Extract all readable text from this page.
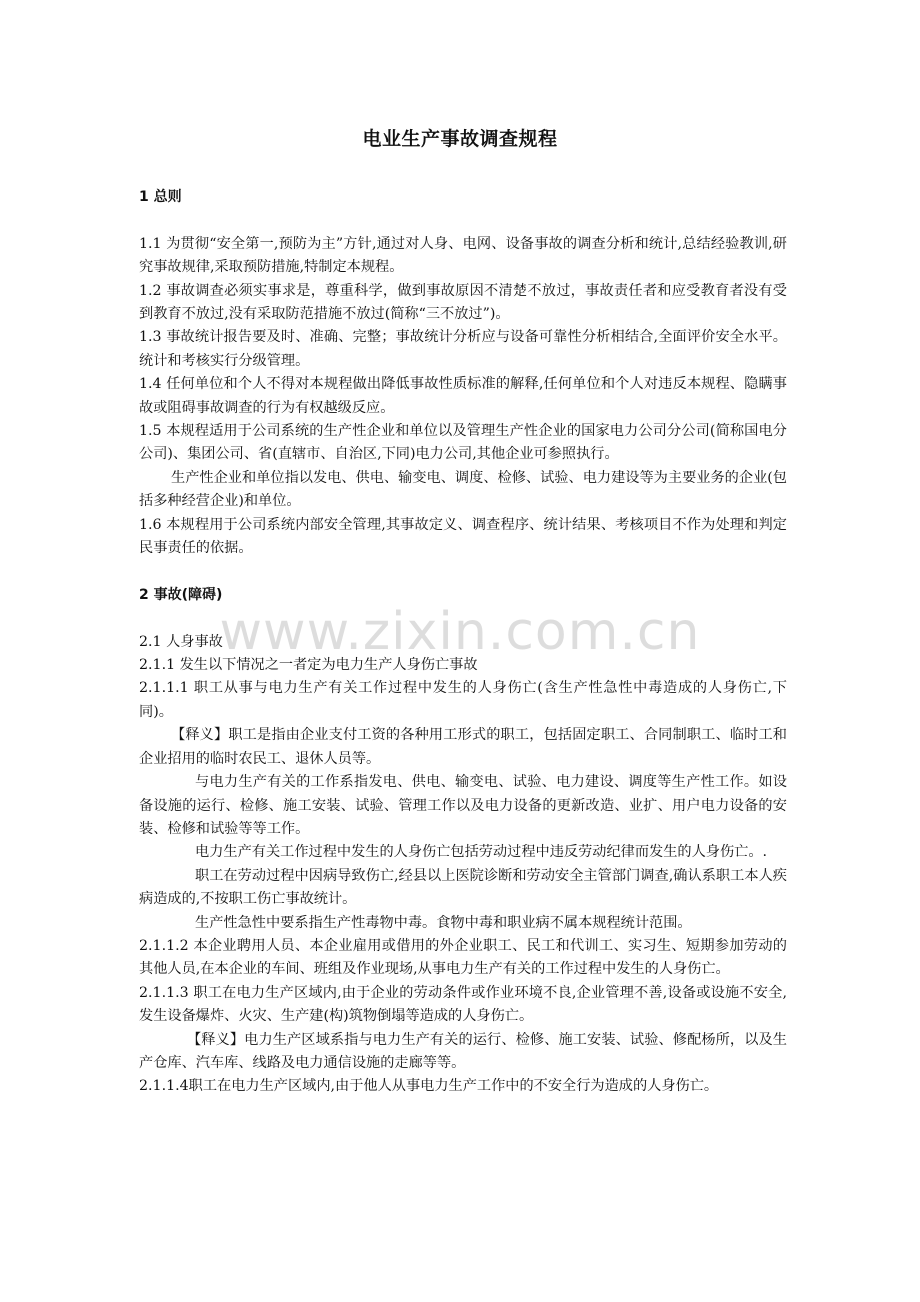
电业生产事故调查规程

1 总则

1.1 为贯彻“安全第一,预防为主”方针,通过对人身、电网、设备事故的调查分析和统计,总结经验教训,研究事故规律,采取预防措施,特制定本规程。

1.2 事故调查必须实事求是，尊重科学，做到事故原因不清楚不放过，事故责任者和应受教育者没有受到教育不放过,没有采取防范措施不放过(简称“三不放过”)。

1.3 事故统计报告要及时、准确、完整；事故统计分析应与设备可靠性分析相结合,全面评价安全水平。统计和考核实行分级管理。

1.4 任何单位和个人不得对本规程做出降低事故性质标准的解释,任何单位和个人对违反本规程、隐瞒事故或阻碍事故调查的行为有权越级反应。

1.5 本规程适用于公司系统的生产性企业和单位以及管理生产性企业的国家电力公司分公司(简称国电分公司)、集团公司、省(直辖市、自治区,下同)电力公司,其他企业可参照执行。

生产性企业和单位指以发电、供电、输变电、调度、检修、试验、电力建设等为主要业务的企业(包括多种经营企业)和单位。

1.6 本规程用于公司系统内部安全管理,其事故定义、调查程序、统计结果、考核项目不作为处理和判定民事责任的依据。

2 事故(障碍)

2.1 人身事故

2.1.1 发生以下情况之一者定为电力生产人身伤亡事故

2.1.1.1 职工从事与电力生产有关工作过程中发生的人身伤亡(含生产性急性中毒造成的人身伤亡,下同)。

【释义】职工是指由企业支付工资的各种用工形式的职工，包括固定职工、合同制职工、临时工和企业招用的临时农民工、退休人员等。

与电力生产有关的工作系指发电、供电、输变电、试验、电力建设、调度等生产性工作。如设备设施的运行、检修、施工安装、试验、管理工作以及电力设备的更新改造、业扩、用户电力设备的安装、检修和试验等等工作。

电力生产有关工作过程中发生的人身伤亡包括劳动过程中违反劳动纪律而发生的人身伤亡。.

职工在劳动过程中因病导致伤亡,经县以上医院诊断和劳动安全主管部门调查,确认系职工本人疾病造成的,不按职工伤亡事故统计。

生产性急性中要系指生产性毒物中毒。食物中毒和职业病不属本规程统计范围。

2.1.1.2 本企业聘用人员、本企业雇用或借用的外企业职工、民工和代训工、实习生、短期参加劳动的其他人员,在本企业的车间、班组及作业现场,从事电力生产有关的工作过程中发生的人身伤亡。

2.1.1.3 职工在电力生产区域内,由于企业的劳动条件或作业环境不良,企业管理不善,设备或设施不安全,发生设备爆炸、火灾、生产建(构)筑物倒塌等造成的人身伤亡。

【释义】电力生产区域系指与电力生产有关的运行、检修、施工安装、试验、修配杨所，以及生产仓库、汽车库、线路及电力通信设施的走廊等等。

2.1.1.4职工在电力生产区域内,由于他人从事电力生产工作中的不安全行为造成的人身伤亡。

www.zixin.com.cn
